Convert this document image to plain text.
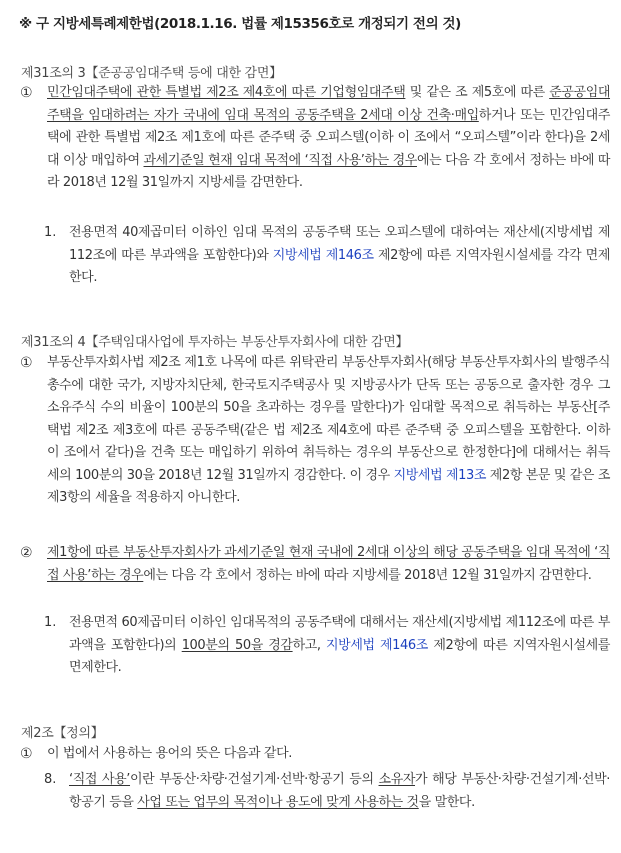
※ 구 지방세특례제한법(2018.1.16. 법률 제15356호로 개정되기 전의 것)
제31조의 3【준공공임대주택 등에 대한 감면】
① 민간임대주택에 관한 특별법 제2조 제4호에 따른 기업형임대주택 및 같은 조 제5호에 따른 준공공임대주택을 임대하려는 자가 국내에 임대 목적의 공동주택을 2세대 이상 건축·매입하거나 또는 민간임대주택에 관한 특별법 제2조 제1호에 따른 준주택 중 오피스텔(이하 이 조에서 “오피스텔”이라 한다)을 2세대 이상 매입하여 과세기준일 현재 임대 목적에 ‘직접 사용’하는 경우에는 다음 각 호에서 정하는 바에 따라 2018년 12월 31일까지 지방세를 감면한다.
1. 전용면적 40제곱미터 이하인 임대 목적의 공동주택 또는 오피스텔에 대하여는 재산세(지방세법 제112조에 따른 부과액을 포함한다)와 지방세법 제146조 제2항에 따른 지역자원시설세를 각각 면제한다.
제31조의 4【주택임대사업에 투자하는 부동산투자회사에 대한 감면】
① 부동산투자회사법 제2조 제1호 나목에 따른 위탁관리 부동산투자회사(해당 부동산투자회사의 발행주식 총수에 대한 국가, 지방자치단체, 한국토지주택공사 및 지방공사가 단독 또는 공동으로 출자한 경우 그 소유주식 수의 비율이 100분의 50을 초과하는 경우를 말한다)가 임대할 목적으로 취득하는 부동산[주택법 제2조 제3호에 따른 공동주택(같은 법 제2조 제4호에 따른 준주택 중 오피스텔을 포함한다. 이하 이 조에서 같다)을 건축 또는 매입하기 위하여 취득하는 경우의 부동산으로 한정한다]에 대해서는 취득세의 100분의 30을 2018년 12월 31일까지 경감한다. 이 경우 지방세법 제13조 제2항 본문 및 같은 조 제3항의 세율을 적용하지 아니한다.
② 제1항에 따른 부동산투자회사가 과세기준일 현재 국내에 2세대 이상의 해당 공동주택을 임대 목적에 ‘직접 사용’하는 경우에는 다음 각 호에서 정하는 바에 따라 지방세를 2018년 12월 31일까지 감면한다.
1. 전용면적 60제곱미터 이하인 임대목적의 공동주택에 대해서는 재산세(지방세법 제112조에 따른 부과액을 포함한다)의 100분의 50을 경감하고, 지방세법 제146조 제2항에 따른 지역자원시설세를 면제한다.
제2조【정의】
① 이 법에서 사용하는 용어의 뜻은 다음과 같다.
8. ‘직접 사용’이란 부동산·차량·건설기계·선박·항공기 등의 소유자가 해당 부동산·차량·건설기계·선박·항공기 등을 사업 또는 업무의 목적이나 용도에 맞게 사용하는 것을 말한다.
